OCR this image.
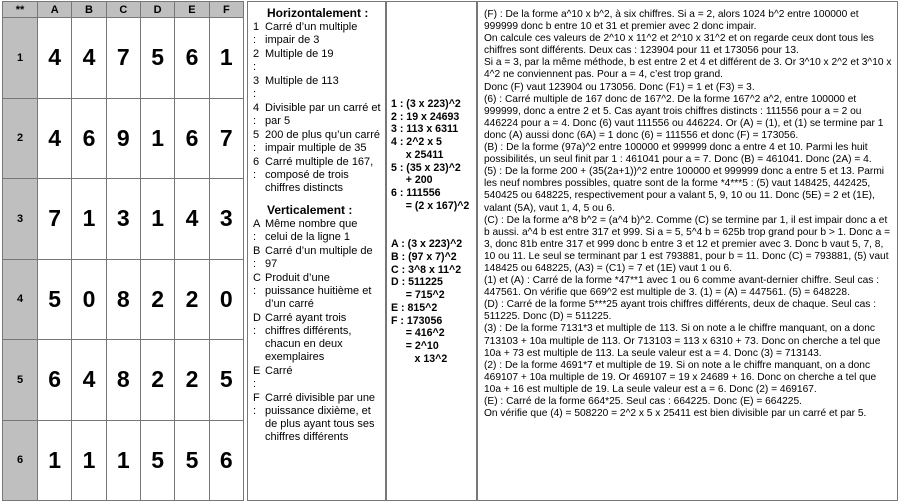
**	A	B	C	D	E	F
1	4	4	7	5	6	1
2	4	6	9	1	6	7
3	7	1	3	1	4	3
4	5	0	8	2	2	0
5	6	4	8	2	2	5
6	1	1	1	5	5	6
Horizontalement :
1 :
Carré d’un multiple impair de 3
2 :
Multiple de 19
3 :
Multiple de 113
4 :
Divisible par un carré et par 5
5 :
200 de plus qu’un carré impair multiple de 35
6 :
Carré multiple de 167, composé de trois chiffres distincts
Verticalement :
A :
Même nombre que celui de la ligne 1
B :
Carré d’un multiple de 97
C :
Produit d’une puissance huitième et d’un carré
D :
Carré ayant trois chiffres différents, chacun en deux exemplaires
E :
Carré
F :
Carré divisible par une puissance dixième, et de plus ayant tous ses chiffres différents
1 : (3 x 223)^2
2 : 19 x 24693
3 : 113 x 6311
4 : 2^2 x 5
x 25411
5 : (35 x 23)^2
+ 200
6 : 111556
= (2 x 167)^2
A : (3 x 223)^2
B : (97 x 7)^2
C : 3^8 x 11^2
D : 511225
= 715^2
E : 815^2
F : 173056
= 416^2
= 2^10
x 13^2

(F) : De la forme a^10 x b^2, à six chiffres. Si a = 2, alors 1024 b^2 entre 100000 et 999999 donc b entre 10 et 31 et premier avec 2 donc impair.

On calcule ces valeurs de 2^10 x 11^2 et 2^10 x 31^2 et on regarde ceux dont tous les chiffres sont différents. Deux cas : 123904 pour 11 et 173056 pour 13.

Si a = 3, par la même méthode, b est entre 2 et 4 et différent de 3. Or 3^10 x 2^2 et 3^10 x 4^2 ne conviennent pas. Pour a = 4, c’est trop grand.

Donc (F) vaut 123904 ou 173056. Donc (F1) = 1 et (F3) = 3.

(6) : Carré multiple de 167 donc de 167^2. De la forme 167^2 a^2, entre 100000 et 999999, donc a entre 2 et 5. Cas ayant trois chiffres distincts : 111556 pour a = 2 ou 446224 pour a = 4. Donc (6) vaut 111556 ou 446224. Or (A) = (1), et (1) se termine par 1 donc (A) aussi donc (6A) = 1 donc (6) = 111556 et donc (F) = 173056.

(B) : De la forme (97a)^2 entre 100000 et 999999 donc a entre 4 et 10. Parmi les huit possibilités, un seul finit par 1 : 461041 pour a = 7. Donc (B) = 461041. Donc (2A) = 4.

(5) : De la forme 200 + (35(2a+1))^2 entre 100000 et 999999 donc a entre 5 et 13. Parmi les neuf nombres possibles, quatre sont de la forme *4***5 : (5) vaut 148425, 442425, 540425 ou 648225, respectivement pour a valant 5, 9, 10 ou 11. Donc (5E) = 2 et (1E), valant (5A), vaut 1, 4, 5 ou 6.

(C) : De la forme a^8 b^2 = (a^4 b)^2. Comme (C) se termine par 1, il est impair donc a et b aussi. a^4 b est entre 317 et 999. Si a = 5, 5^4 b = 625b trop grand pour b > 1. Donc a = 3, donc 81b entre 317 et 999 donc b entre 3 et 12 et premier avec 3. Donc b vaut 5, 7, 8, 10 ou 11. Le seul se terminant par 1 est 793881, pour b = 11. Donc (C) = 793881, (5) vaut 148425 ou 648225, (A3) = (C1) = 7 et (1E) vaut 1 ou 6.

(1) et (A) : Carré de la forme *47**1 avec 1 ou 6 comme avant-dernier chiffre. Seul cas : 447561. On vérifie que 669^2 est multiple de 3. (1) = (A) = 447561. (5) = 648228.

(D) : Carré de la forme 5***25 ayant trois chiffres différents, deux de chaque. Seul cas : 511225. Donc (D) = 511225.

(3) : De la forme 7131*3 et multiple de 113. Si on note a le chiffre manquant, on a donc 713103 + 10a multiple de 113. Or 713103 = 113 x 6310 + 73. Donc on cherche a tel que 10a + 73 est multiple de 113. La seule valeur est a = 4. Donc (3) = 713143.

(2) : De la forme 4691*7 et multiple de 19. Si on note a le chiffre manquant, on a donc 469107 + 10a multiple de 19. Or 469107 = 19 x 24689 + 16. Donc on cherche a tel que 10a + 16 est multiple de 19. La seule valeur est a = 6. Donc (2) = 469167.

(E) : Carré de la forme 664*25. Seul cas : 664225. Donc (E) = 664225.

On vérifie que (4) = 508220 = 2^2 x 5 x 25411 est bien divisible par un carré et par 5.
